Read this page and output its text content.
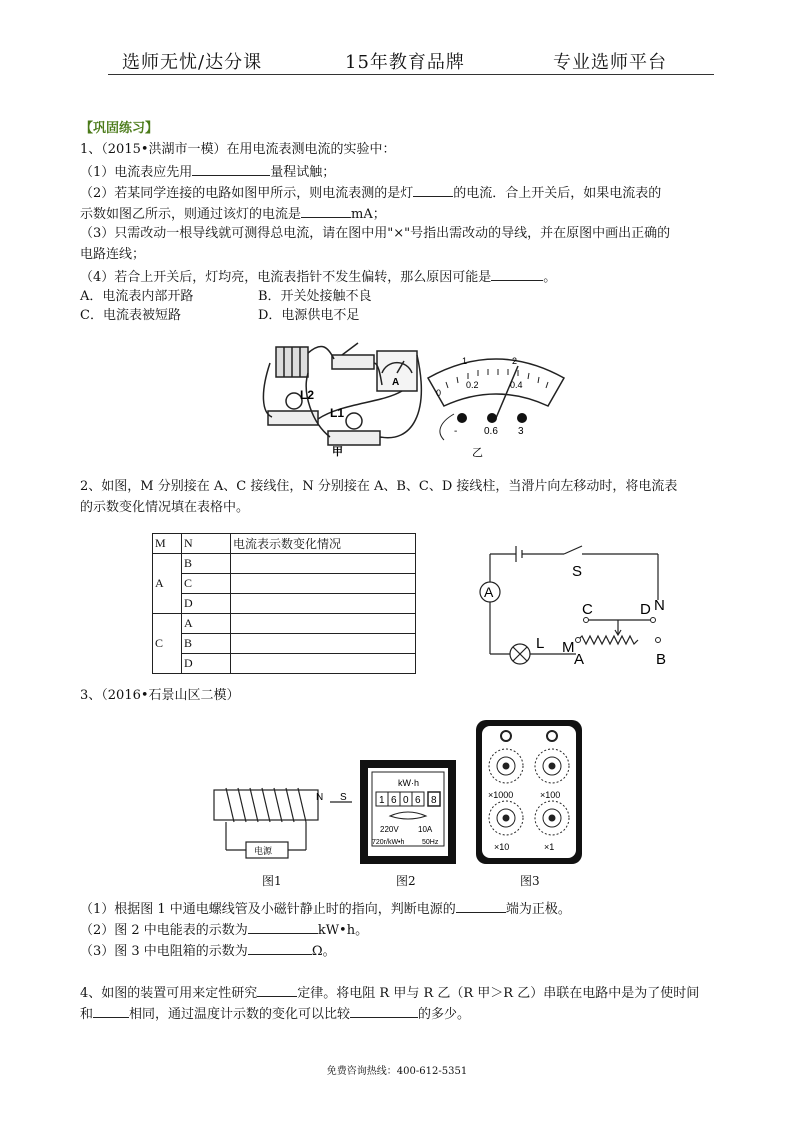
选师无忧/达分课	15年教育品牌	专业选师平台
【巩固练习】
1、（2015•洪湖市一模）在用电流表测电流的实验中：
（1）电流表应先用	量程试触；
（2）若某同学连接的电路如图甲所示，则电流表测的是灯	的电流．合上开关后，如果电流表的
示数如图乙所示，则通过该灯的电流是	mA；
（3）只需改动一根导线就可测得总电流，请在图中用"×"号指出需改动的导线，并在原图中画出正确的
电路连线；
（4）若合上开关后，灯均亮，电流表指针不发生偏转，那么原因可能是	。
A．电流表内部开路	B．开关处接触不良
C．电流表被短路	D．电源供电不足
L2
L1
A
甲
0
0.2	0.4
2
1
-	0.6 3
乙
2、如图，M 分别接在 A、C 接线住，N 分别接在 A、B、C、D 接线柱，当滑片向左移动时，将电流表
的示数变化情况填在表格中。
M	N	电流表示数变化情况
A	B	
	C	
	D	
C	A	
	B	
	D	
A
S
C	D N
L M
A	B
3、（2016•石景山区二模）
电源
N S
图1
kW·h
1 6 0 6 8
220V 10A
720r/kW•h	50Hz
图2
×1000	×100
×10	×1
图3
（1）根据图 1 中通电螺线管及小磁针静止时的指向，判断电源的	端为正极。
（2）图 2 中电能表的示数为	kW•h。
（3）图 3 中电阻箱的示数为	Ω。
4、如图的装置可用来定性研究	定律。将电阻 R 甲与 R 乙（R 甲＞R 乙）串联在电路中是为了使时间
和	相同，通过温度计示数的变化可以比较	的多少。
免费咨询热线：400-612-5351
